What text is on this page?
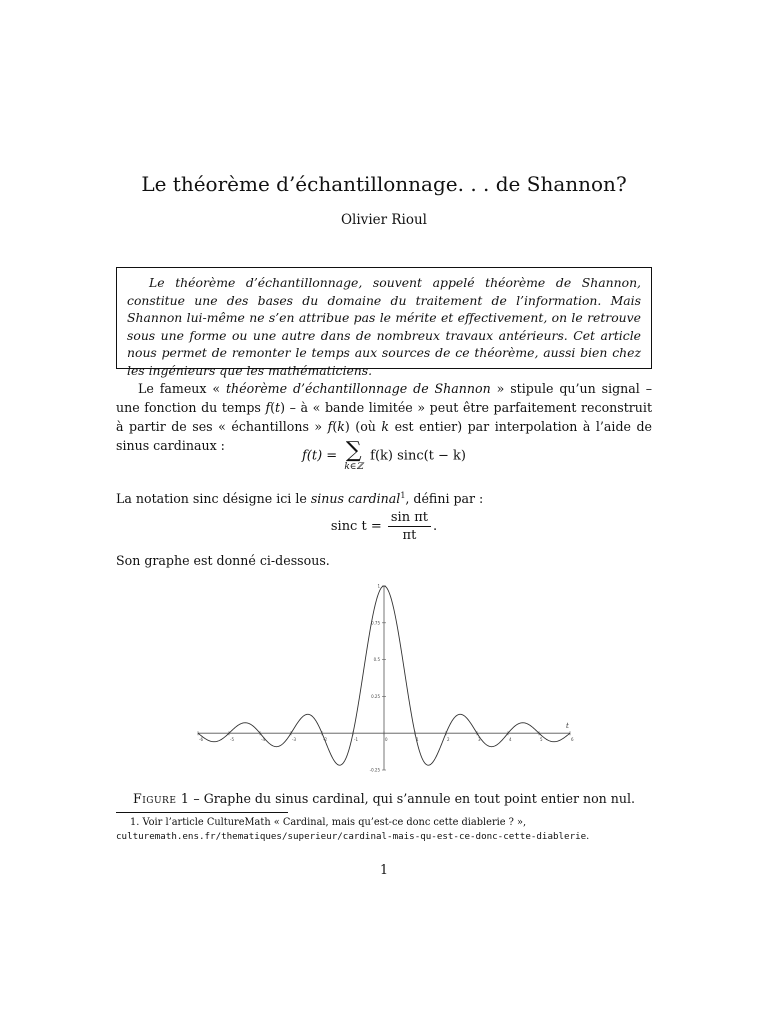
Le théorème d’échantillonnage. . . de Shannon?
Olivier Rioul
Le théorème d’échantillonnage, souvent appelé théorème de Shannon, constitue une des bases du domaine du traitement de l’information. Mais Shannon lui-même ne s’en attribue pas le mérite et effectivement, on le retrouve sous une forme ou une autre dans de nombreux travaux antérieurs. Cet article nous permet de remonter le temps aux sources de ce théorème, aussi bien chez les ingénieurs que les mathématiciens.
Le fameux « théorème d’échantillonnage de Shannon » stipule qu’un signal – une fonction du temps f(t) – à « bande limitée » peut être parfaitement reconstruit à partir de ses « échantillons » f(k) (où k est entier) par interpolation à l’aide de sinus cardinaux :
f(t) = ∑
k∈ℤ
f(k) sinc(t − k)
La notation sinc désigne ici le sinus cardinal$^1$, défini par :
sinc $t = \frac{\text{sin πt}}{\pi t}$ .
Son graphe est donné ci-dessous.
-6	-5	-4	-3	-2	-1	0	1	2	3	4	5	6
-0.25
0.25
0.5
0.75
1
t
Figure 1 – Graphe du sinus cardinal, qui s’annule en tout point entier non nul.
1. Voir l’article CultureMath « Cardinal, mais qu’est-ce donc cette diablerie ? »,
culturemath.ens.fr/thematiques/superieur/cardinal-mais-qu-est-ce-donc-cette-diablerie.
1
